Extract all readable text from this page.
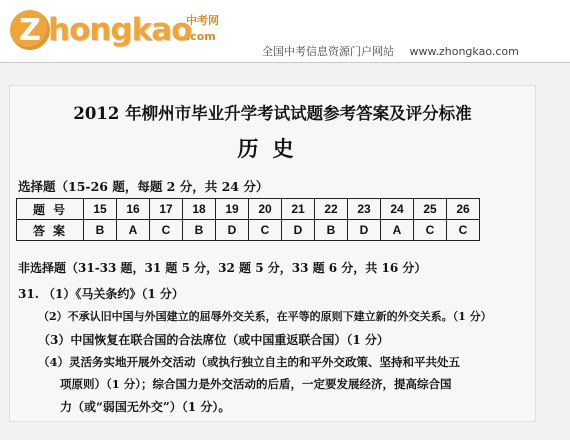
Z hongkao
中考网
.com
全国中考信息资源门户网站 www.zhongkao.com
2012 年柳州市毕业升学考试试题参考答案及评分标准
历史
选择题（15-26 题，每题 2 分，共 24 分）
题号	15	16	17	18	19	20	21	22	23	24	25	26
答案	B	A	C	B	D	C	D	B	D	A	C	C
非选择题（31-33 题，31 题 5 分，32 题 5 分，33 题 6 分，共 16 分）
31. （1）《马关条约》（1 分）
（2）不承认旧中国与外国建立的屈辱外交关系，在平等的原则下建立新的外交关系。（1 分）
（3）中国恢复在联合国的合法席位（或中国重返联合国）（1 分）
（4）灵活务实地开展外交活动（或执行独立自主的和平外交政策、坚持和平共处五
项原则）（1 分）；综合国力是外交活动的后盾，一定要发展经济，提高综合国
力（或“弱国无外交”）（1 分）。
